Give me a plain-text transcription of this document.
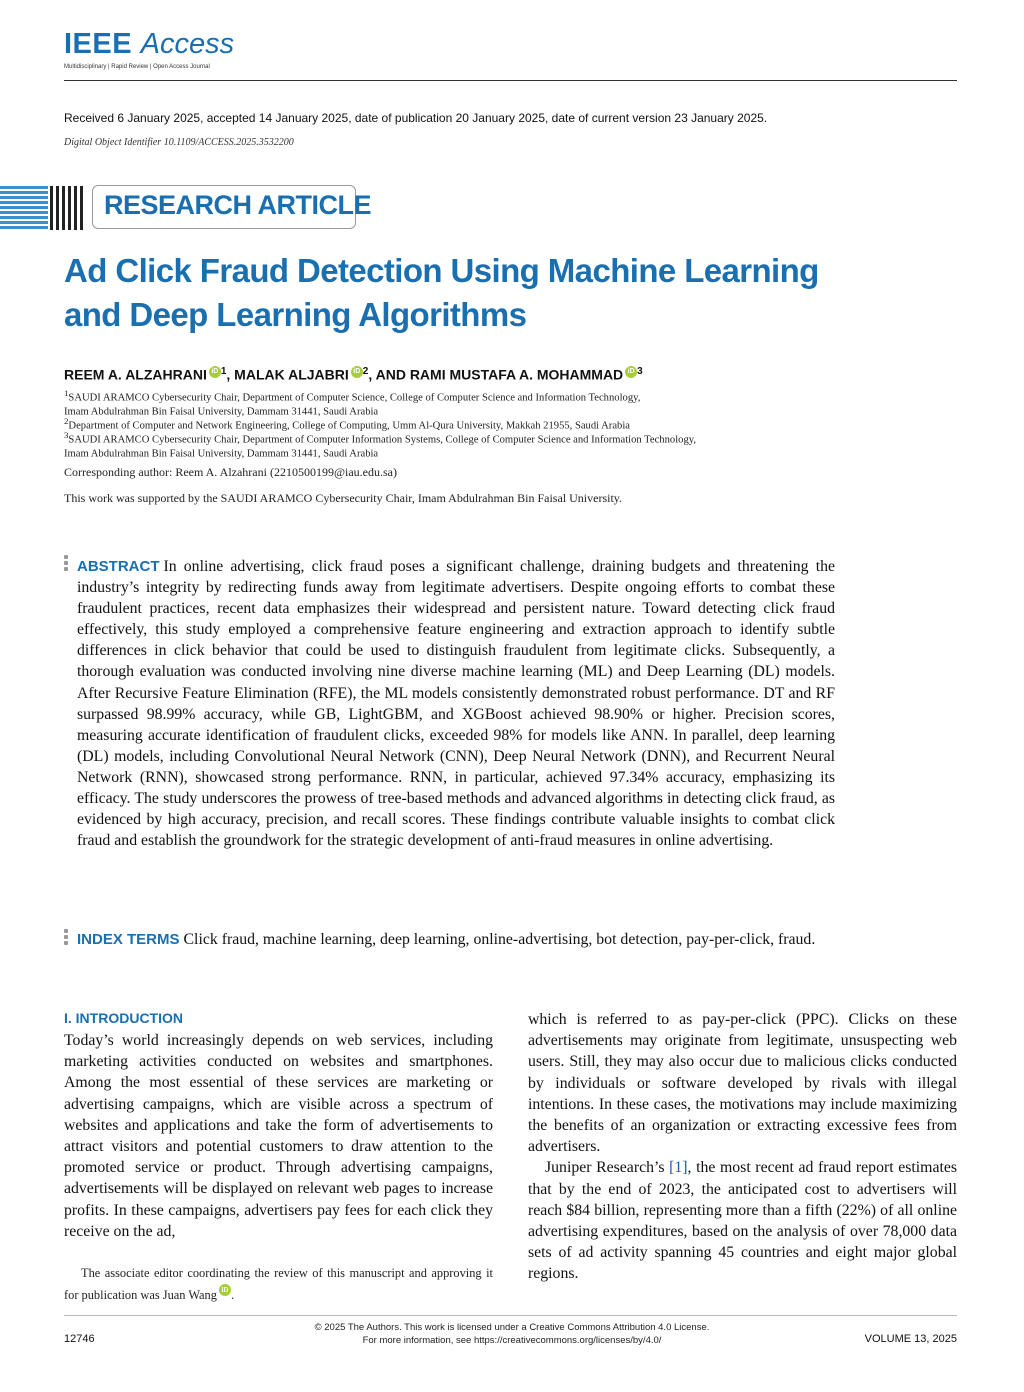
IEEE Access
Multidisciplinary | Rapid Review | Open Access Journal
Received 6 January 2025, accepted 14 January 2025, date of publication 20 January 2025, date of current version 23 January 2025.
Digital Object Identifier 10.1109/ACCESS.2025.3532200
RESEARCH ARTICLE
Ad Click Fraud Detection Using Machine Learning
and Deep Learning Algorithms
REEM A. ALZAHRANI iD $^1$, MALAK ALJABRI iD $^2$, AND RAMI MUSTAFA A. MOHAMMAD iD $^3$
$^1$SAUDI ARAMCO Cybersecurity Chair, Department of Computer Science, College of Computer Science and Information Technology,
Imam Abdulrahman Bin Faisal University, Dammam 31441, Saudi Arabia
$^2$Department of Computer and Network Engineering, College of Computing, Umm Al-Qura University, Makkah 21955, Saudi Arabia
$^3$SAUDI ARAMCO Cybersecurity Chair, Department of Computer Information Systems, College of Computer Science and Information Technology,
Imam Abdulrahman Bin Faisal University, Dammam 31441, Saudi Arabia
Corresponding author: Reem A. Alzahrani (2210500199@iau.edu.sa)
This work was supported by the SAUDI ARAMCO Cybersecurity Chair, Imam Abdulrahman Bin Faisal University.
ABSTRACT In online advertising, click fraud poses a significant challenge, draining budgets and threatening the industry’s integrity by redirecting funds away from legitimate advertisers. Despite ongoing efforts to combat these fraudulent practices, recent data emphasizes their widespread and persistent nature. Toward detecting click fraud effectively, this study employed a comprehensive feature engineering and extraction approach to identify subtle differences in click behavior that could be used to distinguish fraudulent from legitimate clicks. Subsequently, a thorough evaluation was conducted involving nine diverse machine learning (ML) and Deep Learning (DL) models. After Recursive Feature Elimination (RFE), the ML models consistently demonstrated robust performance. DT and RF surpassed 98.99% accuracy, while GB, LightGBM, and XGBoost achieved 98.90% or higher. Precision scores, measuring accurate identification of fraudulent clicks, exceeded 98% for models like ANN. In parallel, deep learning (DL) models, including Convolutional Neural Network (CNN), Deep Neural Network (DNN), and Recurrent Neural Network (RNN), showcased strong performance. RNN, in particular, achieved 97.34% accuracy, emphasizing its efficacy. The study underscores the prowess of tree-based methods and advanced algorithms in detecting click fraud, as evidenced by high accuracy, precision, and recall scores. These findings contribute valuable insights to combat click fraud and establish the groundwork for the strategic development of anti-fraud measures in online advertising.
INDEX TERMS Click fraud, machine learning, deep learning, online-advertising, bot detection, pay-per-click, fraud.
I. INTRODUCTION

Today’s world increasingly depends on web services, including marketing activities conducted on websites and smartphones. Among the most essential of these services are marketing or advertising campaigns, which are visible across a spectrum of websites and applications and take the form of advertisements to attract visitors and potential customers to draw attention to the promoted service or product. Through advertising campaigns, advertisements will be displayed on relevant web pages to increase profits. In these campaigns, advertisers pay fees for each click they receive on the ad,

which is referred to as pay-per-click (PPC). Clicks on these advertisements may originate from legitimate, unsuspecting web users. Still, they may also occur due to malicious clicks conducted by individuals or software developed by rivals with illegal intentions. In these cases, the motivations may include maximizing the benefits of an organization or extracting excessive fees from advertisers.

Juniper Research’s [1], the most recent ad fraud report estimates that by the end of 2023, the anticipated cost to advertisers will reach $84 billion, representing more than a fifth (22%) of all online advertising expenditures, based on the analysis of over 78,000 data sets of ad activity spanning 45 countries and eight major global regions.

The associate editor coordinating the review of this manuscript and approving it for publication was Juan Wang iD .
© 2025 The Authors. This work is licensed under a Creative Commons Attribution 4.0 License.
For more information, see https://creativecommons.org/licenses/by/4.0/
12746	VOLUME 13, 2025
